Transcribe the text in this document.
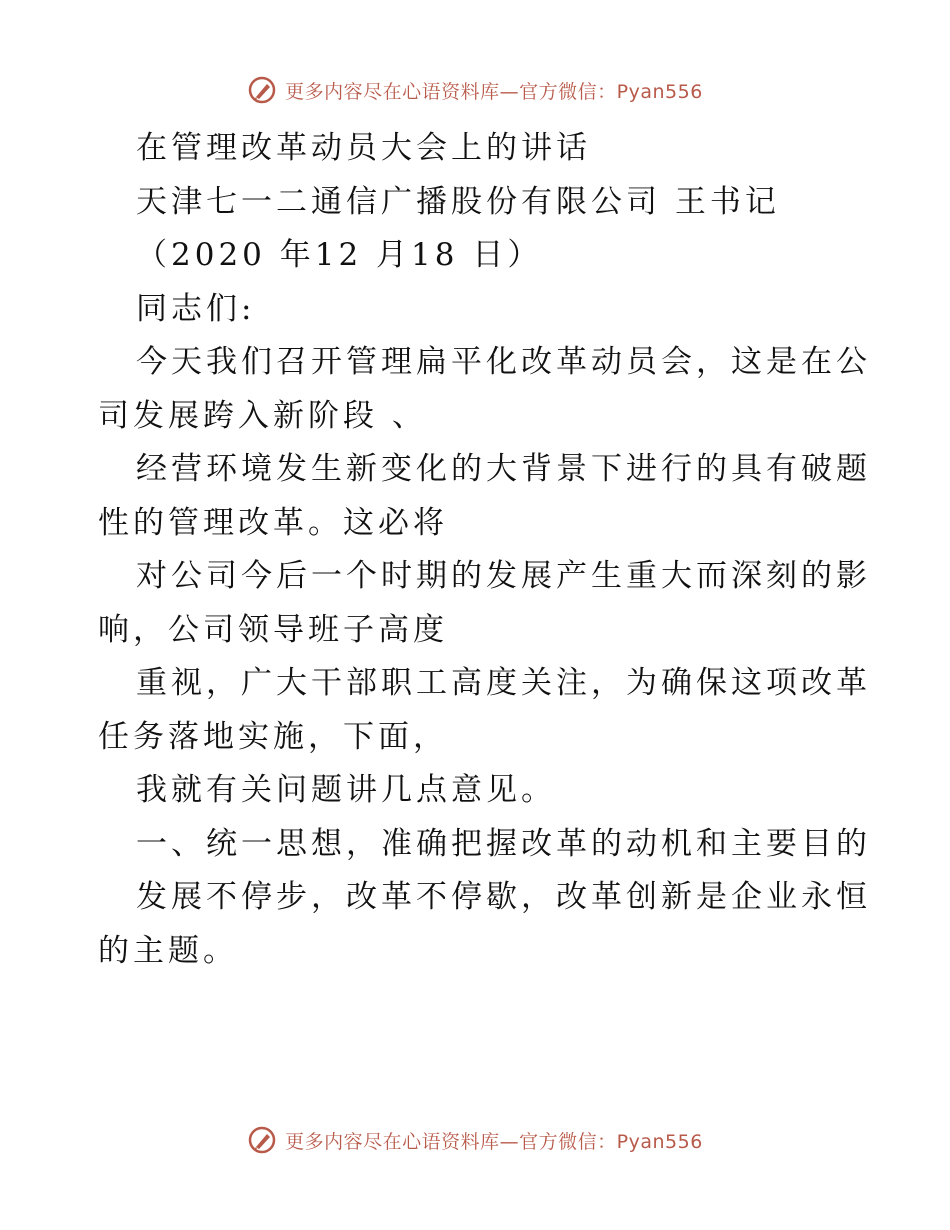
更多内容尽在心语资料库—官方微信：Pyan556

在管理改革动员大会上的讲话

天津七一二通信广播股份有限公司 王书记

（2020 年12 月18 日）

同志们:

今天我们召开管理扁平化改革动员会，这是在公

司发展跨入新阶段 、

经营环境发生新变化的大背景下进行的具有破题

性的管理改革。这必将

对公司今后一个时期的发展产生重大而深刻的影

响，公司领导班子高度

重视，广大干部职工高度关注，为确保这项改革

任务落地实施，下面，

我就有关问题讲几点意见。

一、统一思想，准确把握改革的动机和主要目的

发展不停步，改革不停歇，改革创新是企业永恒

的主题。

更多内容尽在心语资料库—官方微信：Pyan556
